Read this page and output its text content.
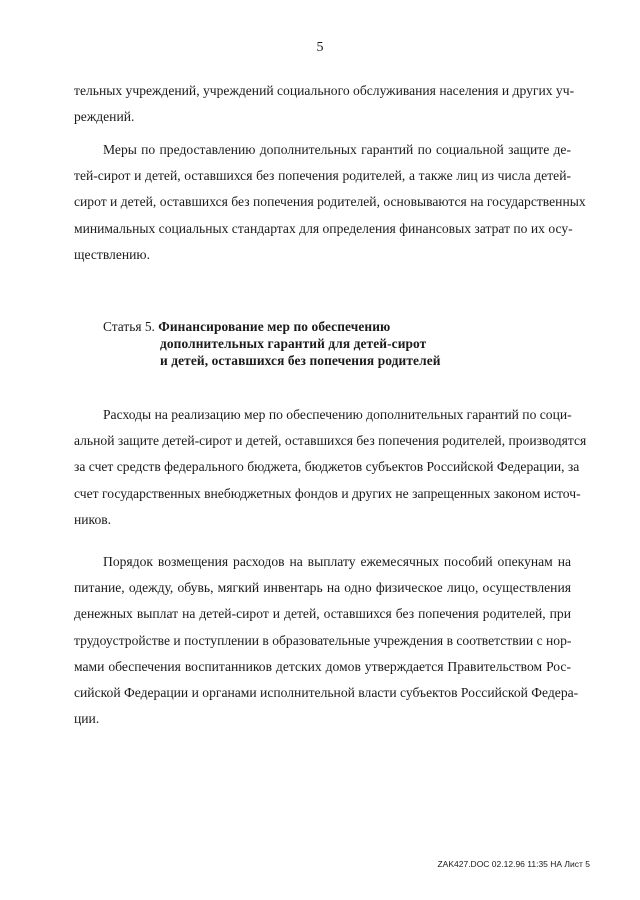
5
тельных учреждений, учреждений социального обслуживания населения и других уч-
реждений.
Меры по предоставлению дополнительных гарантий по социальной защите де-
тей-сирот и детей, оставшихся без попечения родителей, а также лиц из числа детей-
сирот и детей, оставшихся без попечения родителей, основываются на государственных
минимальных социальных стандартах для определения финансовых затрат по их осу-
ществлению.
Статья 5. Финансирование мер по обеспечению
дополнительных гарантий для детей-сирот
и детей, оставшихся без попечения родителей
Расходы на реализацию мер по обеспечению дополнительных гарантий по соци-
альной защите детей-сирот и детей, оставшихся без попечения родителей, производятся
за счет средств федерального бюджета, бюджетов субъектов Российской Федерации, за
счет государственных внебюджетных фондов и других не запрещенных законом источ-
ников.
Порядок возмещения расходов на выплату ежемесячных пособий опекунам на
питание, одежду, обувь, мягкий инвентарь на одно физическое лицо, осуществления
денежных выплат на детей-сирот и детей, оставшихся без попечения родителей, при
трудоустройстве и поступлении в образовательные учреждения в соответствии с нор-
мами обеспечения воспитанников детских домов утверждается Правительством Рос-
сийской Федерации и органами исполнительной власти субъектов Российской Федера-
ции.
ZAK427.DOC 02.12.96 11:35 НА Лист 5
